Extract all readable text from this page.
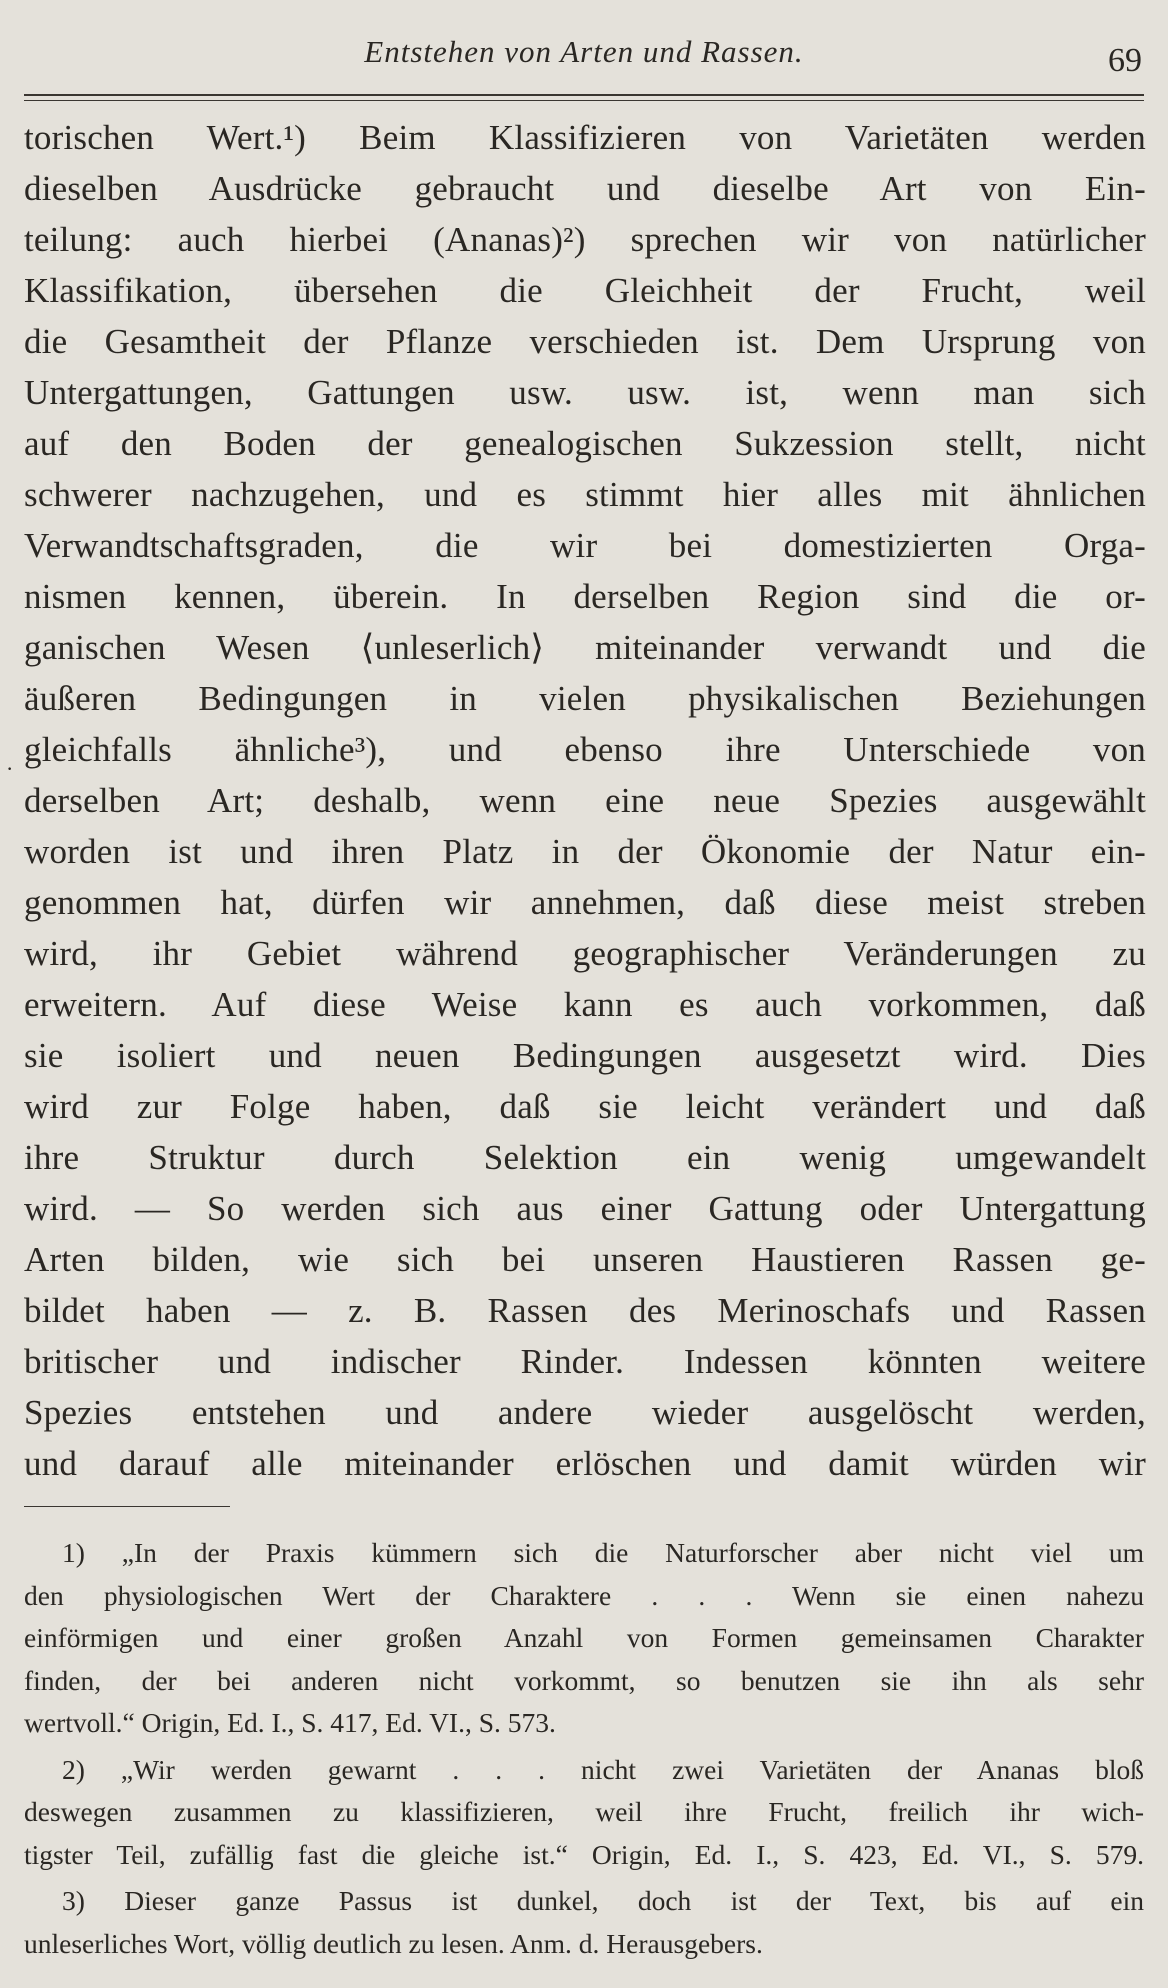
Entstehen von Arten und Rassen.	69
·
torischen Wert.¹) Beim Klassifizieren von Varietäten werden
dieselben Ausdrücke gebraucht und dieselbe Art von Ein-
teilung: auch hierbei (Ananas)²) sprechen wir von natürlicher
Klassifikation, übersehen die Gleichheit der Frucht, weil
die Gesamtheit der Pflanze verschieden ist. Dem Ursprung von
Untergattungen, Gattungen usw. usw. ist, wenn man sich
auf den Boden der genealogischen Sukzession stellt, nicht
schwerer nachzugehen, und es stimmt hier alles mit ähnlichen
Verwandtschaftsgraden, die wir bei domestizierten Orga-
nismen kennen, überein. In derselben Region sind die or-
ganischen Wesen ⟨unleserlich⟩ miteinander verwandt und die
äußeren Bedingungen in vielen physikalischen Beziehungen
gleichfalls ähnliche³), und ebenso ihre Unterschiede von
derselben Art; deshalb, wenn eine neue Spezies ausgewählt
worden ist und ihren Platz in der Ökonomie der Natur ein-
genommen hat, dürfen wir annehmen, daß diese meist streben
wird, ihr Gebiet während geographischer Veränderungen zu
erweitern. Auf diese Weise kann es auch vorkommen, daß
sie isoliert und neuen Bedingungen ausgesetzt wird. Dies
wird zur Folge haben, daß sie leicht verändert und daß
ihre Struktur durch Selektion ein wenig umgewandelt
wird. — So werden sich aus einer Gattung oder Untergattung
Arten bilden, wie sich bei unseren Haustieren Rassen ge-
bildet haben — z. B. Rassen des Merinoschafs und Rassen
britischer und indischer Rinder. Indessen könnten weitere
Spezies entstehen und andere wieder ausgelöscht werden,
und darauf alle miteinander erlöschen und damit würden wir
1) „In der Praxis kümmern sich die Naturforscher aber nicht viel um
den physiologischen Wert der Charaktere . . . Wenn sie einen nahezu
einförmigen und einer großen Anzahl von Formen gemeinsamen Charakter
finden, der bei anderen nicht vorkommt, so benutzen sie ihn als sehr
wertvoll.“ Origin, Ed. I., S. 417, Ed. VI., S. 573.
2) „Wir werden gewarnt . . . nicht zwei Varietäten der Ananas bloß
deswegen zusammen zu klassifizieren, weil ihre Frucht, freilich ihr wich-
tigster Teil, zufällig fast die gleiche ist.“ Origin, Ed. I., S. 423, Ed. VI., S. 579.
3) Dieser ganze Passus ist dunkel, doch ist der Text, bis auf ein
unleserliches Wort, völlig deutlich zu lesen. Anm. d. Herausgebers.
